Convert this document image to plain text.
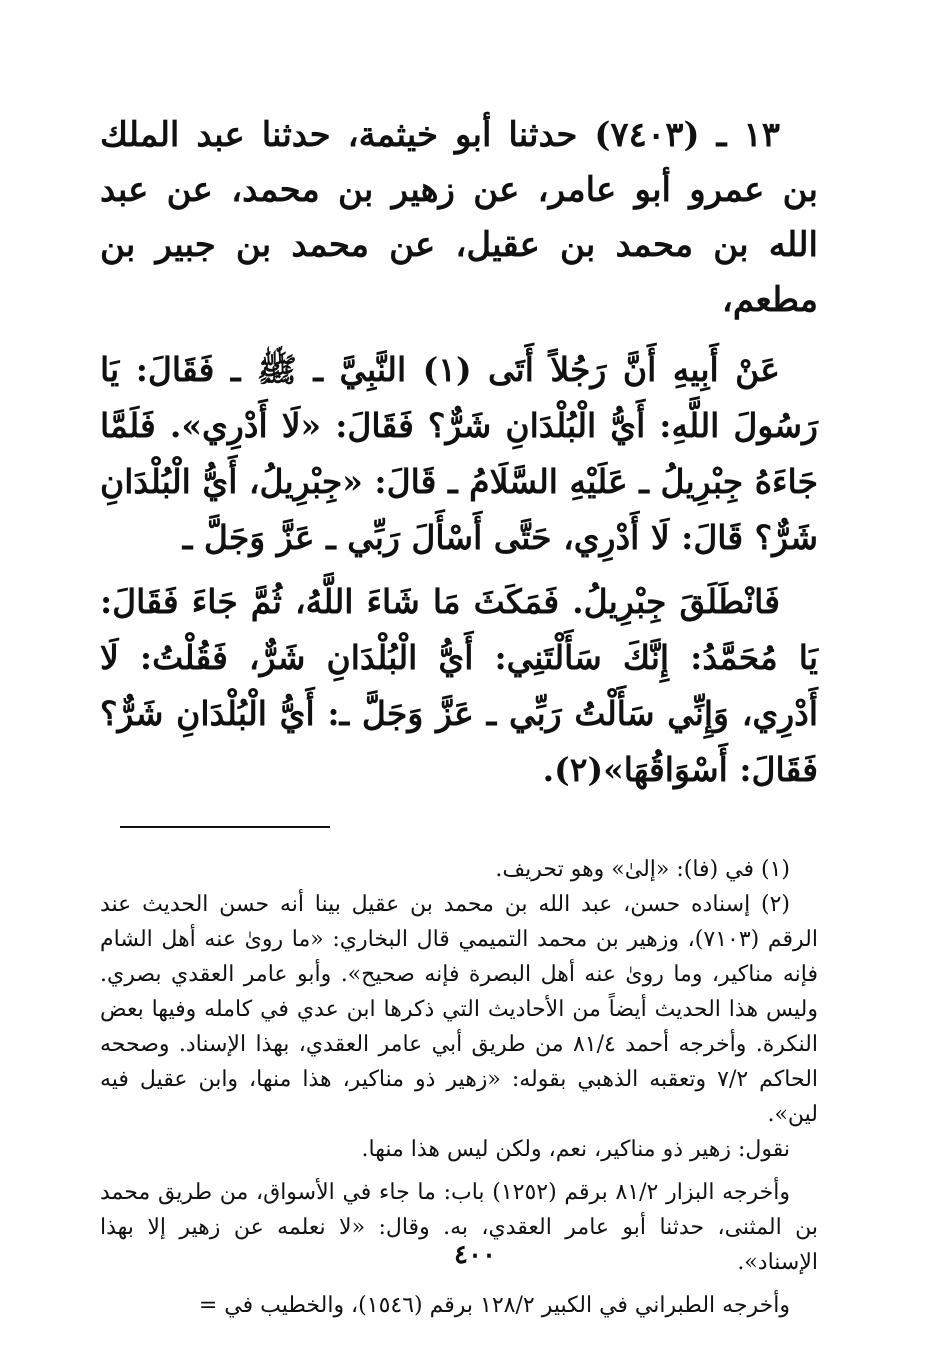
١٣ ـ (٧٤٠٣) حدثنا أبو خيثمة، حدثنا عبد الملك بن عمرو أبو عامر، عن زهير بن محمد، عن عبد الله بن محمد بن عقيل، عن محمد بن جبير بن مطعم،

عَنْ أَبِيهِ أَنَّ رَجُلاً أَتَى (١) النَّبِيَّ ـ ﷺ ـ فَقَالَ: يَا رَسُولَ اللَّهِ: أَيُّ الْبُلْدَانِ شَرٌّ؟ فَقَالَ: «لَا أَدْرِي». فَلَمَّا جَاءَهُ جِبْرِيلُ ـ عَلَيْهِ السَّلَامُ ـ قَالَ: «جِبْرِيلُ، أَيُّ الْبُلْدَانِ شَرٌّ؟ قَالَ: لَا أَدْرِي، حَتَّى أَسْأَلَ رَبِّي ـ عَزَّ وَجَلَّ ـ

فَانْطَلَقَ جِبْرِيلُ. فَمَكَثَ مَا شَاءَ اللَّهُ، ثُمَّ جَاءَ فَقَالَ: يَا مُحَمَّدُ: إِنَّكَ سَأَلْتَنِي: أَيُّ الْبُلْدَانِ شَرٌّ، فَقُلْتُ: لَا أَدْرِي، وَإِنِّي سَأَلْتُ رَبِّي ـ عَزَّ وَجَلَّ ـ: أَيُّ الْبُلْدَانِ شَرٌّ؟ فَقَالَ: أَسْوَاقُهَا»(٢).

(١) في (فا): «إلىٰ» وهو تحريف.

(٢) إسناده حسن، عبد الله بن محمد بن عقيل بينا أنه حسن الحديث عند الرقم (٧١٠٣)، وزهير بن محمد التميمي قال البخاري: «ما روىٰ عنه أهل الشام فإنه مناكير، وما روىٰ عنه أهل البصرة فإنه صحيح». وأبو عامر العقدي بصري. وليس هذا الحديث أيضاً من الأحاديث التي ذكرها ابن عدي في كامله وفيها بعض النكرة. وأخرجه أحمد ٨١/٤ من طريق أبي عامر العقدي، بهذا الإسناد. وصححه الحاكم ٧/٢ وتعقبه الذهبي بقوله: «زهير ذو مناكير، هذا منها، وابن عقيل فيه لين».

نقول: زهير ذو مناكير، نعم، ولكن ليس هذا منها.

وأخرجه البزار ٨١/٢ برقم (١٢٥٢) باب: ما جاء في الأسواق، من طريق محمد بن المثنى، حدثنا أبو عامر العقدي، به. وقال: «لا نعلمه عن زهير إلا بهذا الإسناد».

وأخرجه الطبراني في الكبير ١٢٨/٢ برقم (١٥٤٦)، والخطيب في =

٤٠٠
